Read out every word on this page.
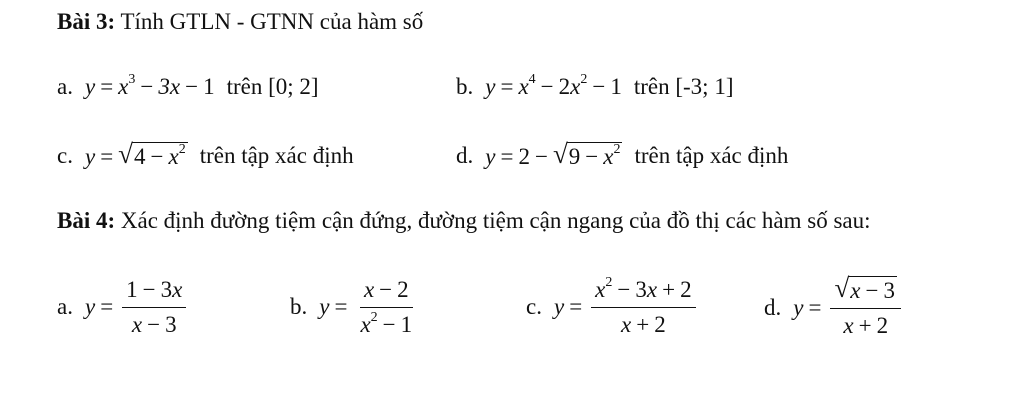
Bài 3: Tính GTLN - GTNN của hàm số
a. $y = x^3 - 3x - 1$ trên [0; 2]	b. $y = x^4 - 2x^2 - 1$ trên [-3; 1]
c. y = √ $4 - x^2$ trên tập xác định	d. y = 2 − √ $9 - x^2$ trên tập xác định
Bài 4: Xác định đường tiệm cận đứng, đường tiệm cận ngang của đồ thị các hàm số sau:
a. $y = \frac{1 - 3x}{x - 3}$	b. $y = \frac{x - 2}{x^2 - 1}$	c. $y = \frac{x^2 - 3x + 2}{x + 2}$	d. $y = \frac{√ x - 3}{x + 2}$
